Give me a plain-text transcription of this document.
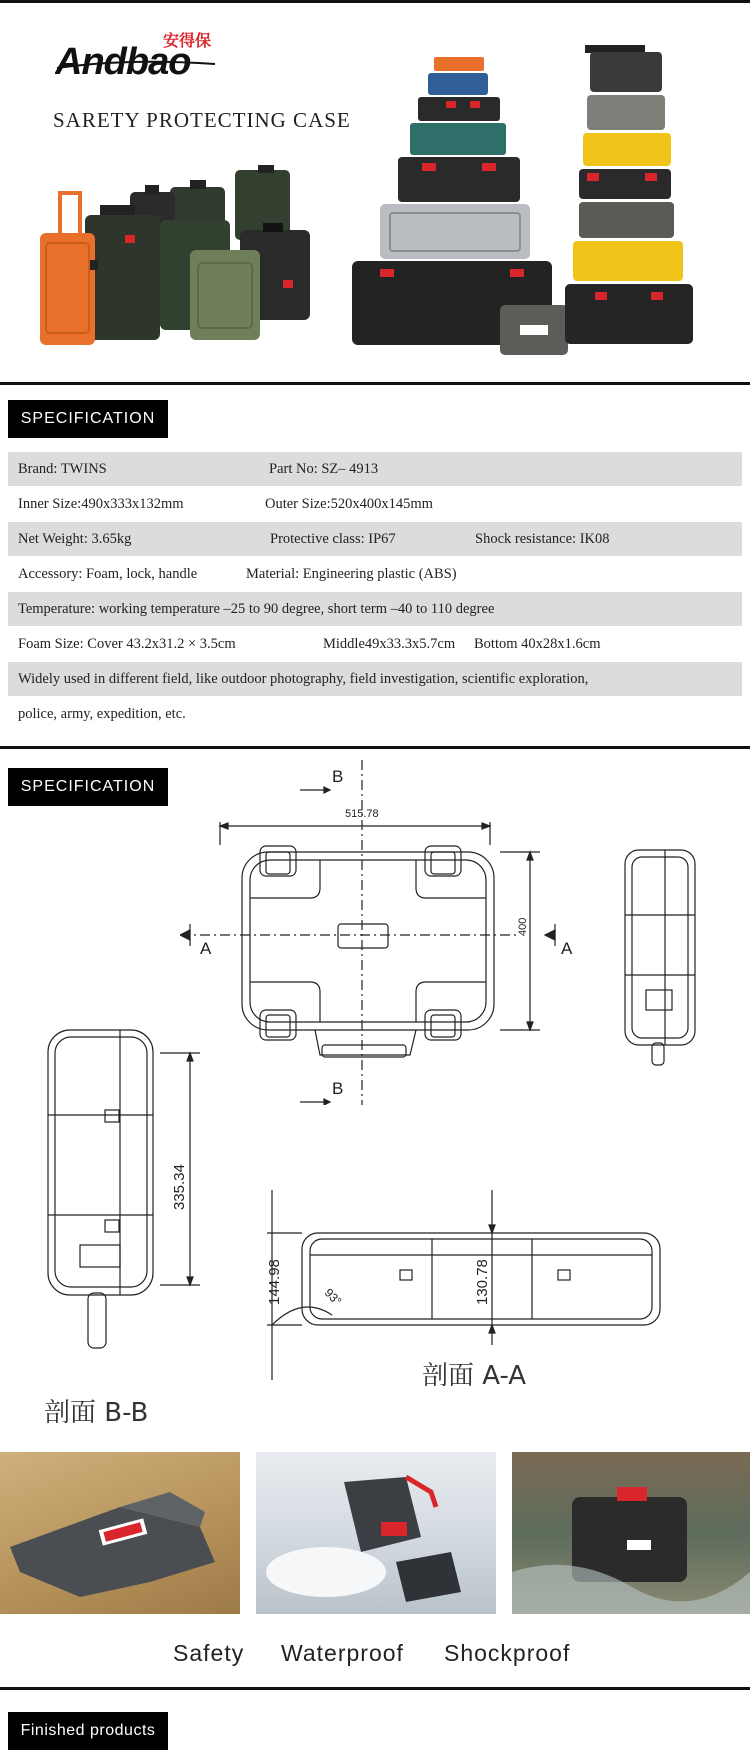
Andbao
安得保
SAREТY PROTECTING CASE
SPECIFICATION
Brand: TWINS	Part No: SZ– 4913
Inner Size:490x333x132mm	Outer Size:520x400x145mm
Net Weight: 3.65kg	Protective class: IP67	Shock resistance: IK08
Accessory: Foam, lock, handle	Material: Engineering plastic (ABS)
Temperature: working temperature –25 to 90 degree, short term –40 to 110 degree
Foam Size: Cover 43.2x31.2 × 3.5cm	Middle49x33.3x5.7cm Bottom 40x28x1.6cm
Widely used in different field, like outdoor photography, field investigation, scientific exploration,
police, army, expedition, etc.
SPECIFICATION
B
B
A	A
515.78
400
335.34
144.98	130.78
93°
剖面 A-A
剖面 B-B
Safety Waterproof Shockproof
Finished products
